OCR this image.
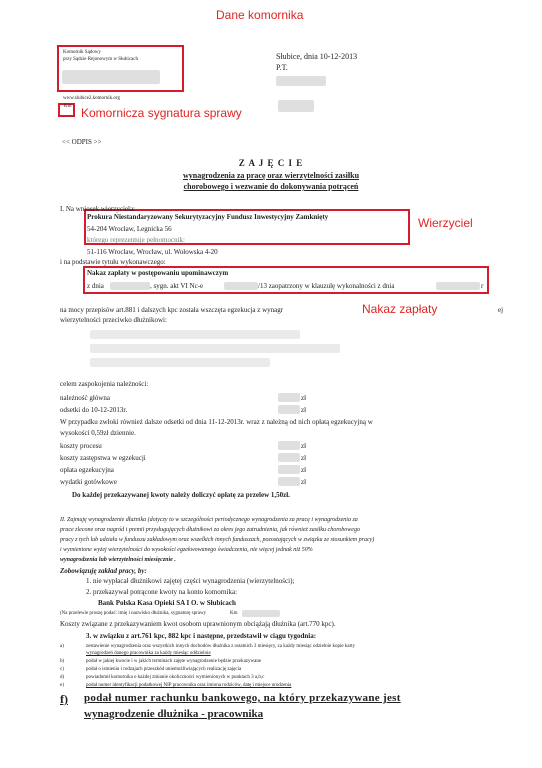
Dane komornika
Komornicza sygnatura sprawy
Wierzyciel
Nakaz zapłaty
Komornik Sądowy
przy Sądzie Rejonowym w Słubicach	Słubice, dnia 10-12-2013
P.T.
www.slubice2.komornik.org
Km
<< ODPIS >>
Z A J Ę C I E
wynagrodzenia za pracę oraz wierzytelności zasiłku
chorobowego i wezwanie do dokonywania potrąceń
I. Na wniosek wierzyciela:
Prokura Niestandaryzowany Sekurytyzacyjny Fundusz Inwestycyjny Zamknięty
54-204 Wrocław, Legnicka 56
którego reprezentuje pełnomocnik:
51-116 Wrocław, Wrocław, ul. Wołowska 4-20
i na podstawie tytułu wykonawczego:
Nakaz zapłaty w postępowaniu upominawczym
z dnia	, sygn. akt VI Nc-e	/13 zaopatrzony w klauzulę wykonalności z dnia	r
na mocy przepisów art.881 i dalszych kpc została wszczęta egzekucja z wynagr	ej
wierzytelności przeciwko dłużnikowi:
celem zaspokojenia należności:
należność główna	zł
odsetki do 10-12-2013r.	zł
W przypadku zwłoki również dalsze odsetki od dnia 11-12-2013r. wraz z należną od nich opłatą egzekucyjną w
wysokości 0,59zł dziennie.
koszty procesu	zł
koszty zastępstwa w egzekucji	zł
opłata egzekucyjna	zł
wydatki gotówkowe	zł
Do każdej przekazywanej kwoty należy doliczyć opłatę za przelew 1,50zł.
II. Zajmuję wynagrodzenie dłużnika (dotyczy to w szczególności periodycznego wynagrodzenia za pracę i wynagrodzenia za
prace zlecone oraz nagród i premii przysługujących dłużnikowi za okres jego zatrudnienia, jak również zasiłku chorobowego
pracy z tych lub udziału w funduszu zakładowym oraz wszelkich innych funduszach, pozostających w związku ze stosunkiem pracy)
i wymienione wyżej wierzytelności do wysokości egzekwowanego świadczenia, nie więcej jednak niż 50%
wynagrodzenia lub wierzytelności miesięcznie .
Zobowiązuję zakład pracy, by:
1. nie wypłacał dłużnikowi zajętej części wynagrodzenia (wierzytelności);
2. przekazywał potrącone kwoty na konto komornika:
Bank Polska Kasa Opieki SA I O. w Słubicach
(Na przelewie proszę podać: imię i nazwisko dłużnika, sygnaturę sprawy	Km
Koszty związane z przekazywaniem kwot osobom uprawnionym obciążają dłużnika (art.770 kpc).
3. w związku z art.761 kpc, 882 kpc i następne, przedstawił w ciągu tygodnia:
a)	zestawienie wynagrodzenia oraz wszystkich innych dochodów dłużnika z ostatnich 3 miesięcy, za każdy miesiąc odzielnie kopie karty
wynagrodzeń danego pracownika za każdy miesiąc oddzielnie
b)	podał w jakiej kwocie i w jakich terminach zajęte wynagrodzenie będzie przekazywane
c)	podał o istnieniu i rodzajach przeszkód uniemożliwiających realizację zajęcia
d)	powiadomił komornika o każdej zmianie okoliczności wymienionych w punktach 3 a,b,c
e)	podał numer identyfikacji podatkowej NIP pracownika oraz imiona rodziców, datę i miejsce urodzenia
f) podał numer rachunku bankowego, na który przekazywane jest
wynagrodzenie dłużnika - pracownika
